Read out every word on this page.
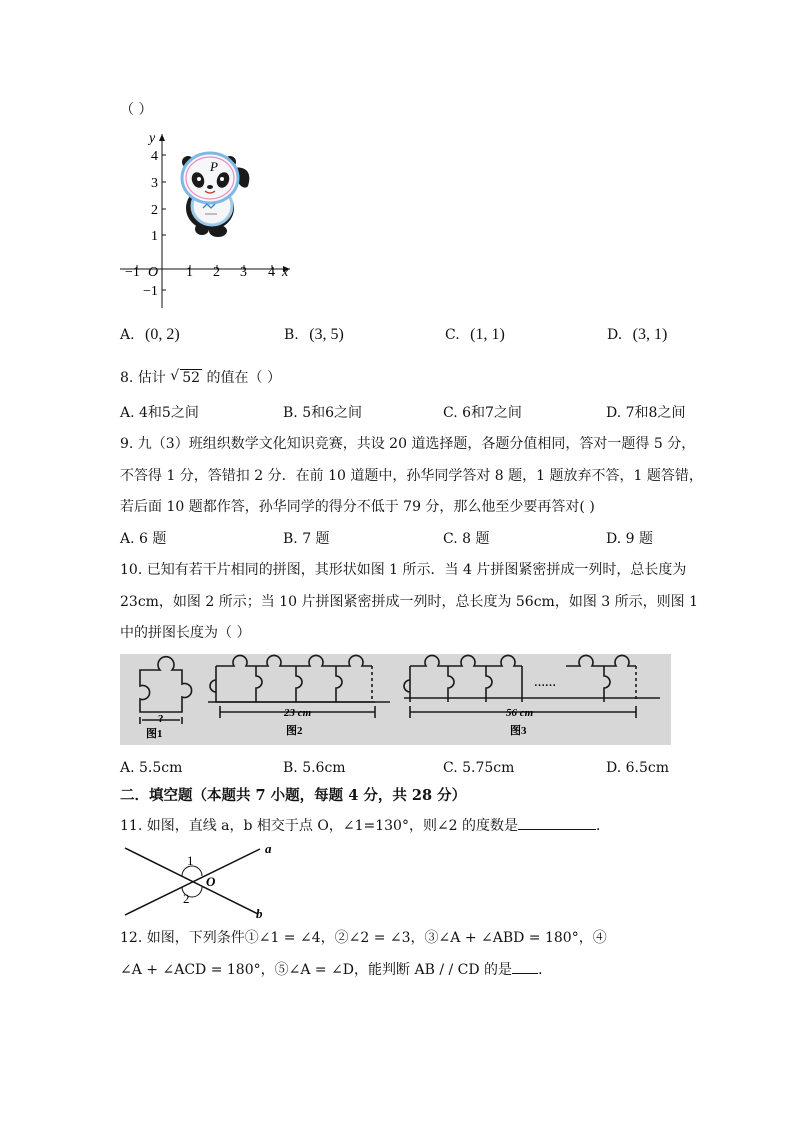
（ ）
y
x
O
4
3
2
1
−1
−1	1 2 3 4
P
A. (0, 2)	B. (3, 5)	C. (1, 1)	D. (3, 1)
8. 估计 √ 52 的值在（ ）
A. 4和5之间	B. 5和6之间	C. 6和7之间	D. 7和8之间
9. 九（3）班组织数学文化知识竞赛，共设 20 道选择题，各题分值相同，答对一题得 5 分，
不答得 1 分，答错扣 2 分．在前 10 道题中，孙华同学答对 8 题，1 题放弃不答，1 题答错，
若后面 10 题都作答，孙华同学的得分不低于 79 分，那么他至少要再答对( )
A. 6 题	B. 7 题	C. 8 题	D. 9 题
10. 已知有若干片相同的拼图，其形状如图 1 所示．当 4 片拼图紧密拼成一列时，总长度为
23cm，如图 2 所示；当 10 片拼图紧密拼成一列时，总长度为 56cm，如图 3 所示，则图 1
中的拼图长度为（ ）
?
图1
23 cm
图2
56 cm
图3
……
A. 5.5cm	B. 5.6cm	C. 5.75cm	D. 6.5cm
二．填空题（本题共 7 小题，每题 4 分，共 28 分）
11. 如图，直线 a，b 相交于点 O，∠1=130°，则∠2 的度数是	．
a
b
1
2
O
12. 如图，下列条件①∠1 = ∠4，②∠2 = ∠3，③∠A + ∠ABD = 180°，④
∠A + ∠ACD = 180°，⑤∠A = ∠D，能判断 AB / / CD 的是 ．
